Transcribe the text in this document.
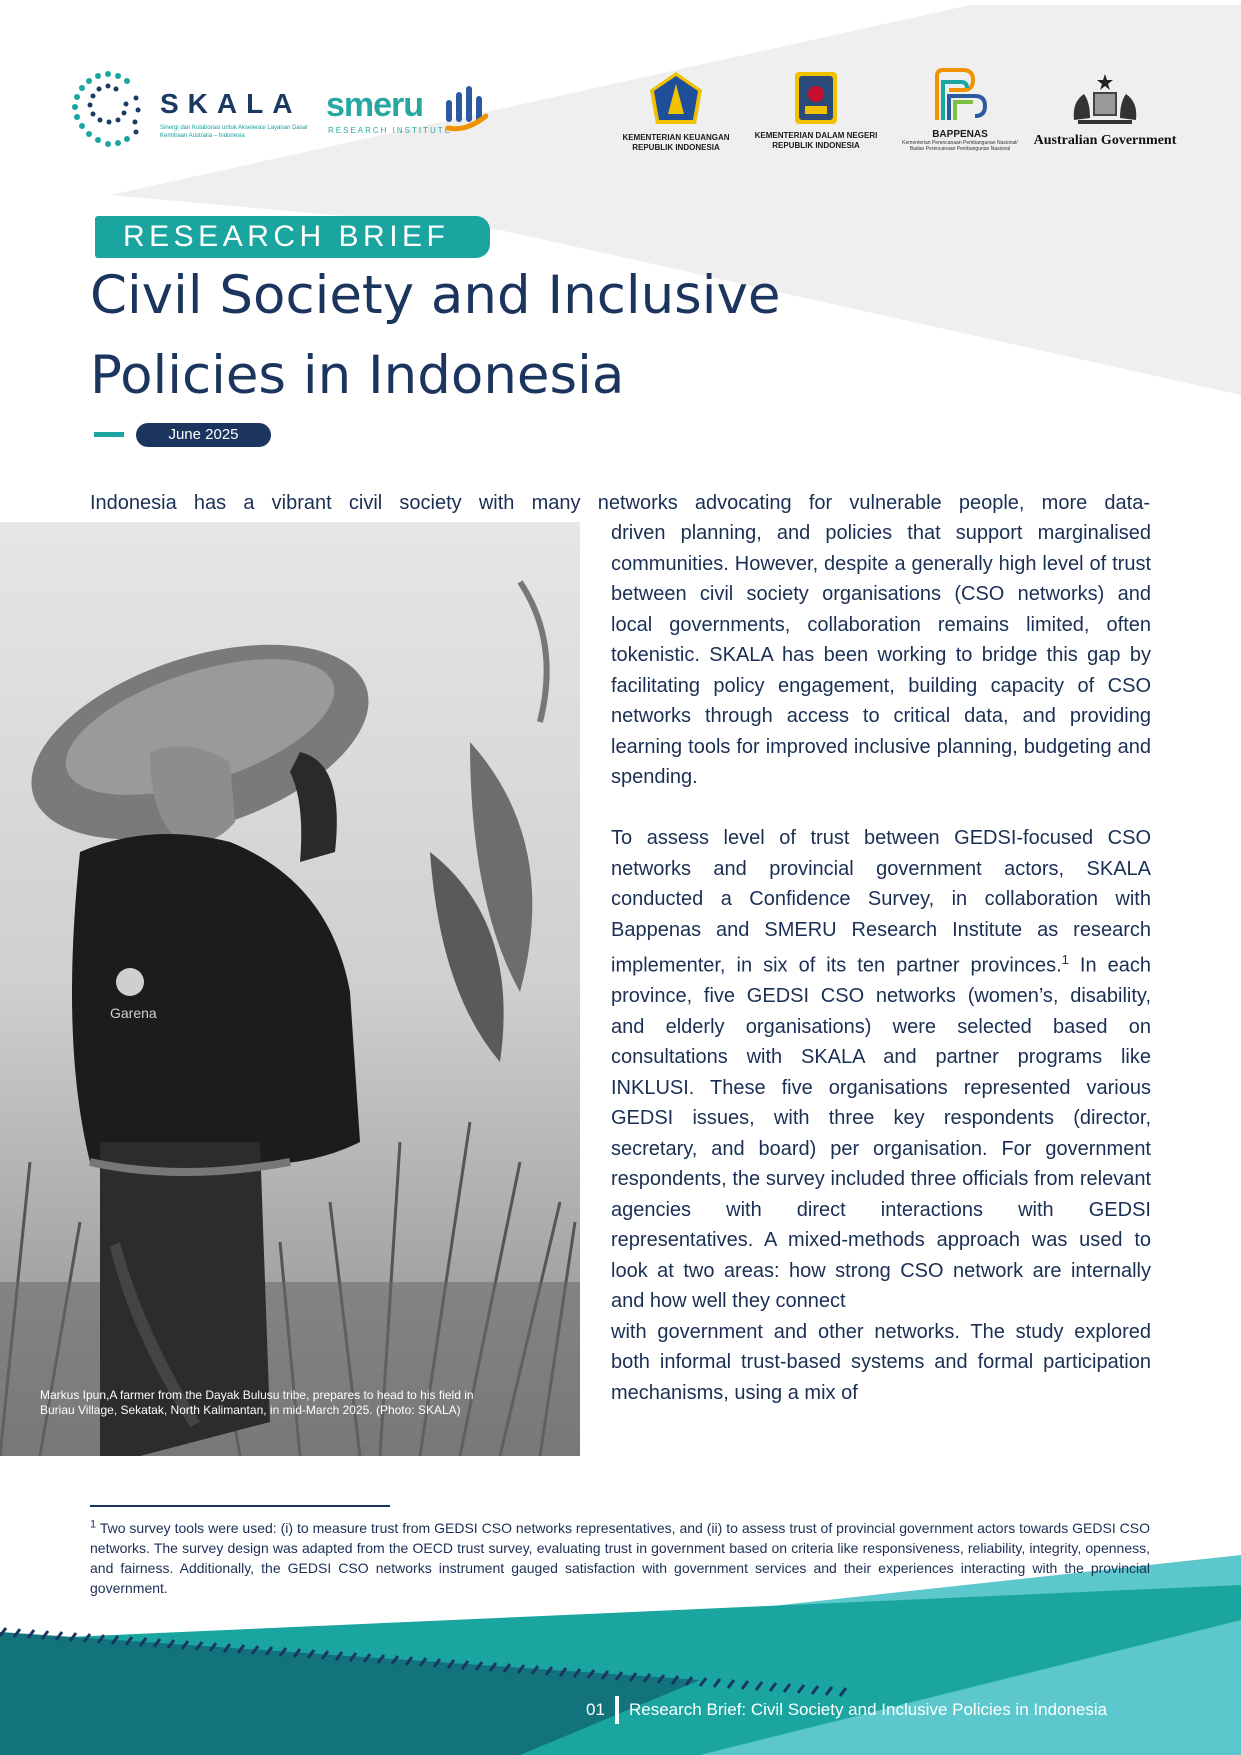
SKALA
Sinergi dan Kolaborasi untuk Akselerasi Layanan Dasar Kemitraan Australia – Indonesia
smeru
RESEARCH INSTITUTE
KEMENTERIAN KEUANGAN REPUBLIK INDONESIA
KEMENTERIAN DALAM NEGERI REPUBLIK INDONESIA
BAPPENAS
Kementerian Perencanaan Pembangunan Nasional/ Badan Perencanaan Pembangunan Nasional
Australian Government
RESEARCH BRIEF
Civil Society and Inclusive Policies in Indonesia
June 2025

Indonesia has a vibrant civil society with many networks advocating for vulnerable people, more data-

Garena
Markus Ipun,A farmer from the Dayak Bulusu tribe, prepares to head to his field in Buriau Village, Sekatak, North Kalimantan, in mid-March 2025. (Photo: SKALA)

driven planning, and policies that support marginalised communities. However, despite a generally high level of trust between civil society organisations (CSO networks) and local governments, collaboration remains limited, often tokenistic. SKALA has been working to bridge this gap by facilitating policy engagement, building capacity of CSO networks through access to critical data, and providing learning tools for improved inclusive planning, budgeting and spending.

To assess level of trust between GEDSI-focused CSO networks and provincial government actors, SKALA conducted a Confidence Survey, in collaboration with Bappenas and SMERU Research Institute as research implementer, in six of its ten partner provinces.$^1$ In each province, five GEDSI CSO networks (women’s, disability, and elderly organisations) were selected based on consultations with SKALA and partner programs like INKLUSI. These five organisations represented various GEDSI issues, with three key respondents (director, secretary, and board) per organisation. For government respondents, the survey included three officials from relevant agencies with direct interactions with GEDSI representatives. A mixed-methods approach was used to look at two areas: how strong CSO network are internally and how well they connect

with government and other networks. The study explored both informal trust-based systems and formal participation mechanisms, using a mix of

$^1$ Two survey tools were used: (i) to measure trust from GEDSI CSO networks representatives, and (ii) to assess trust of provincial government actors towards GEDSI CSO networks. The survey design was adapted from the OECD trust survey, evaluating trust in government based on criteria like responsiveness, reliability, integrity, openness, and fairness. Additionally, the GEDSI CSO networks instrument gauged satisfaction with government services and their experiences interacting with the provincial government.
01 Research Brief: Civil Society and Inclusive Policies in Indonesia
